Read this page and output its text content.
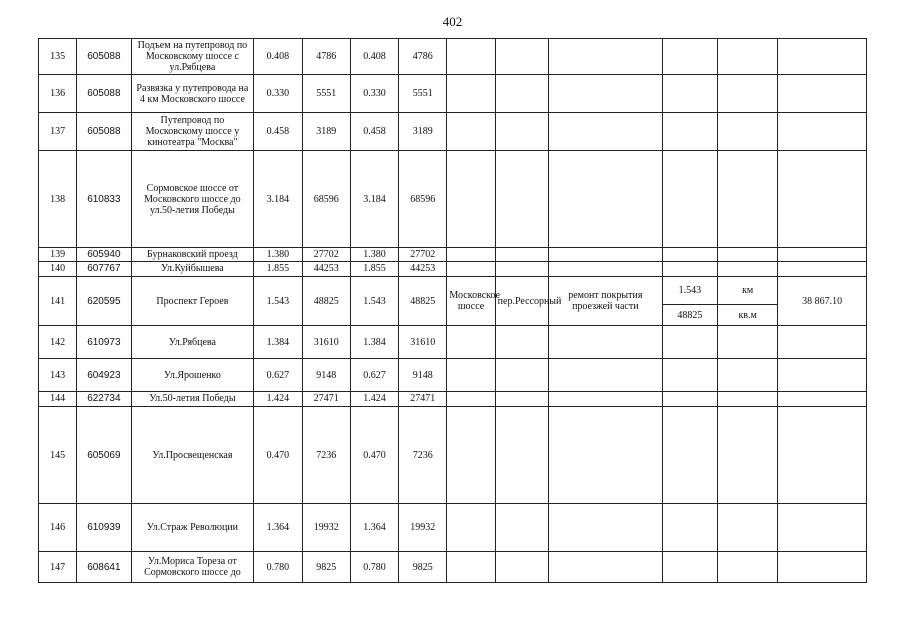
402
135	605088	Подъем на путепровод по Московскому шоссе с ул.Рябцева	0.408	4786	0.408	4786						
136	605088	Развязка у путепровода на 4 км Московского шоссе	0.330	5551	0.330	5551						
137	605088	Путепровод по Московскому шоссе у кинотеатра "Москва"	0.458	3189	0.458	3189						
138	610833	Сормовское шоссе от Московского шоссе до ул.50-летия Победы	3.184	68596	3.184	68596						
139	605940	Бурнаковский проезд	1.380	27702	1.380	27702						
140	607767	Ул.Куйбышева	1.855	44253	1.855	44253						
141	620595	Проспект Героев	1.543	48825	1.543	48825	Московское шоссе	пер.Рессорный	ремонт покрытия проезжей части	1.543	км	38 867.10
										48825	кв.м	
142	610973	Ул.Рябцева	1.384	31610	1.384	31610						
143	604923	Ул.Ярошенко	0.627	9148	0.627	9148						
144	622734	Ул.50-летия Победы	1.424	27471	1.424	27471						
145	605069	Ул.Просвещенская	0.470	7236	0.470	7236						
146	610939	Ул.Страж Революции	1.364	19932	1.364	19932						
147	608641	Ул.Мориса Тореза от Сормовского шоссе до	0.780	9825	0.780	9825						
